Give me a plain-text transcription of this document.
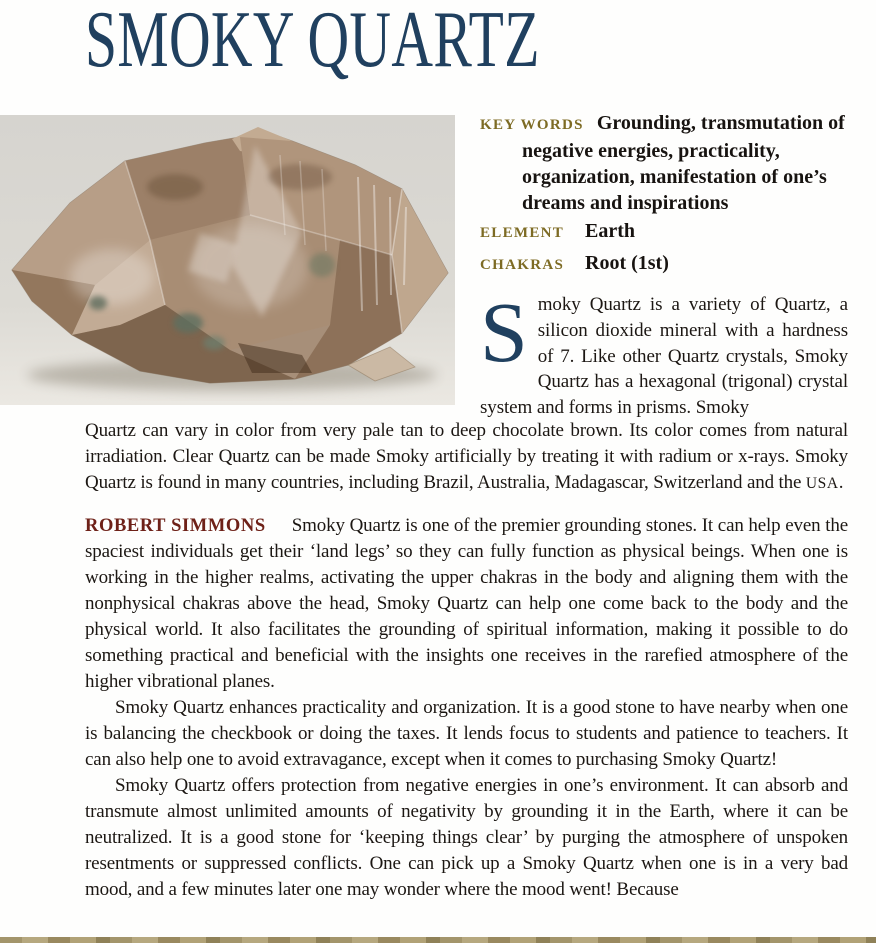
SMOKY QUARTZ

KEY WORDS Grounding, transmutation of negative energies, practicality, organization, manifestation of one’s dreams and inspirations

ELEMENT Earth

CHAKRAS Root (1st)

Smoky Quartz is a variety of Quartz, a silicon dioxide mineral with a hardness of 7. Like other Quartz crystals, Smoky Quartz has a hexagonal (trigonal) crystal system and forms in prisms. Smoky

Quartz can vary in color from very pale tan to deep chocolate brown. Its color comes from natural irradiation. Clear Quartz can be made Smoky artificially by treating it with radium or x-rays. Smoky Quartz is found in many countries, including Brazil, Australia, Madagascar, Switzerland and the USA.

ROBERT SIMMONS Smoky Quartz is one of the premier grounding stones. It can help even the spaciest individuals get their ‘land legs’ so they can fully function as physical beings. When one is working in the higher realms, activating the upper chakras in the body and aligning them with the nonphysical chakras above the head, Smoky Quartz can help one come back to the body and the physical world. It also facilitates the grounding of spiritual information, making it possible to do something practical and beneficial with the insights one receives in the rarefied atmosphere of the higher vibrational planes.

Smoky Quartz enhances practicality and organization. It is a good stone to have nearby when one is balancing the checkbook or doing the taxes. It lends focus to students and patience to teachers. It can also help one to avoid extravagance, except when it comes to purchasing Smoky Quartz!

Smoky Quartz offers protection from negative energies in one’s environment. It can absorb and transmute almost unlimited amounts of negativity by grounding it in the Earth, where it can be neutralized. It is a good stone for ‘keeping things clear’ by purging the atmosphere of unspoken resentments or suppressed conflicts. One can pick up a Smoky Quartz when one is in a very bad mood, and a few minutes later one may wonder where the mood went! Because
